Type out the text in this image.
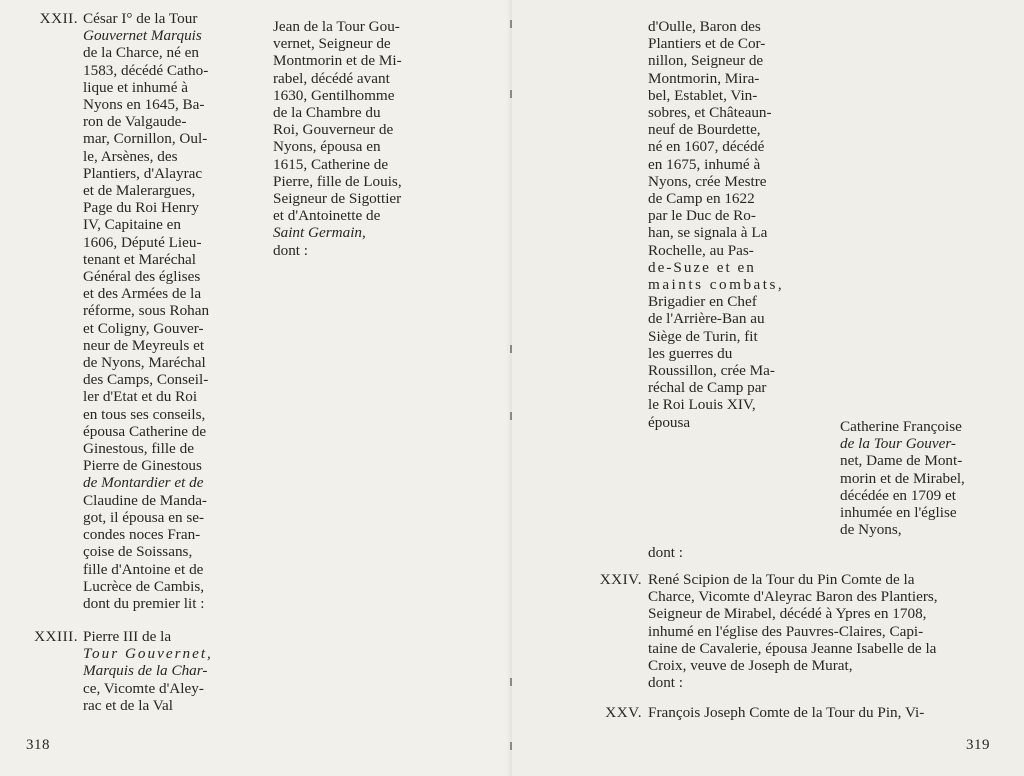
XXII. César I° de la Tour

Gouvernet Marquis

de la Charce, né en

1583, décédé Catho-

lique et inhumé à

Nyons en 1645, Ba-

ron de Valgaude-

mar, Cornillon, Oul-

le, Arsènes, des

Plantiers, d'Alayrac

et de Malerargues,

Page du Roi Henry

IV, Capitaine en

1606, Député Lieu-

tenant et Maréchal

Général des églises

et des Armées de la

réforme, sous Rohan

et Coligny, Gouver-

neur de Meyreuls et

de Nyons, Maréchal

des Camps, Conseil-

ler d'Etat et du Roi

en tous ses conseils,

épousa Catherine de

Ginestous, fille de

Pierre de Ginestous

de Montardier et de

Claudine de Manda-

got, il épousa en se-

condes noces Fran-

çoise de Soissans,

fille d'Antoine et de

Lucrèce de Cambis,

dont du premier lit :

XXIII. Pierre III de la

Tour Gouvernet,

Marquis de la Char-

ce, Vicomte d'Aley-

rac et de la Val

Jean de la Tour Gou-

vernet, Seigneur de

Montmorin et de Mi-

rabel, décédé avant

1630, Gentilhomme

de la Chambre du

Roi, Gouverneur de

Nyons, épousa en

1615, Catherine de

Pierre, fille de Louis,

Seigneur de Sigottier

et d'Antoinette de

Saint Germain,

dont :

318

d'Oulle, Baron des

Plantiers et de Cor-

nillon, Seigneur de

Montmorin, Mira-

bel, Establet, Vin-

sobres, et Châteaun-

neuf de Bourdette,

né en 1607, décédé

en 1675, inhumé à

Nyons, crée Mestre

de Camp en 1622

par le Duc de Ro-

han, se signala à La

Rochelle, au Pas-

de-Suze et en

maints combats,

Brigadier en Chef

de l'Arrière-Ban au

Siège de Turin, fit

les guerres du

Roussillon, crée Ma-

réchal de Camp par

le Roi Louis XIV,

épousa	Catherine Françoise

de la Tour Gouver-

net, Dame de Mont-

morin et de Mirabel,

décédée en 1709 et

inhumée en l'église

de Nyons,

dont :
XXIV. René Scipion de la Tour du Pin Comte de la

Charce, Vicomte d'Aleyrac Baron des Plantiers,

Seigneur de Mirabel, décédé à Ypres en 1708,

inhumé en l'église des Pauvres-Claires, Capi-

taine de Cavalerie, épousa Jeanne Isabelle de la

Croix, veuve de Joseph de Murat,

dont :

XXV. François Joseph Comte de la Tour du Pin, Vi-

319
